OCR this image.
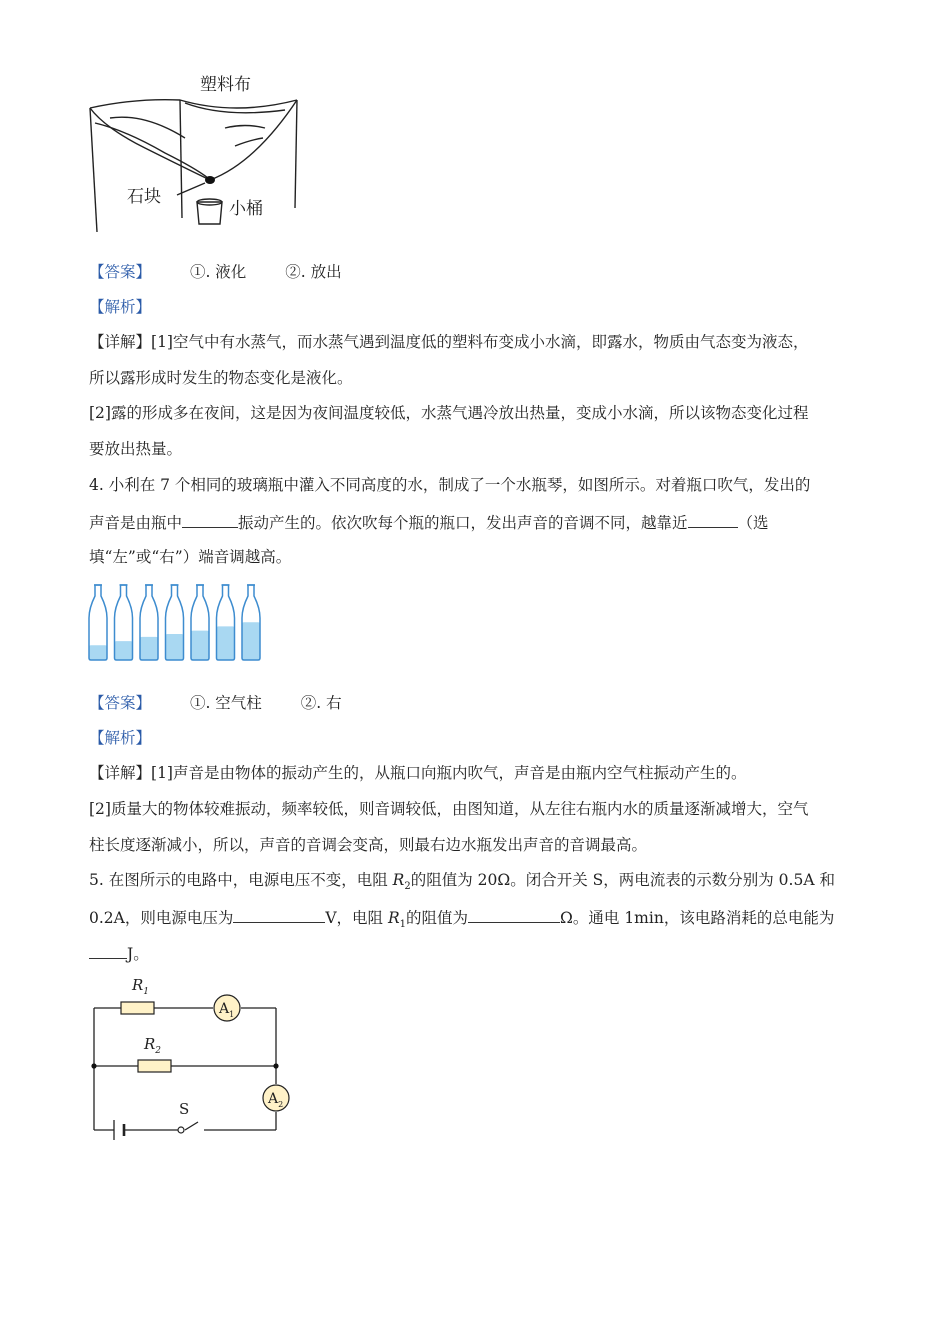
塑料布
石块
小桶
【答案】	①. 液化	②. 放出
【解析】
【详解】[1]空气中有水蒸气，而水蒸气遇到温度低的塑料布变成小水滴，即露水，物质由气态变为液态，
所以露形成时发生的物态变化是液化。
[2]露的形成多在夜间，这是因为夜间温度较低，水蒸气遇冷放出热量，变成小水滴，所以该物态变化过程
要放出热量。
4. 小利在 7 个相同的玻璃瓶中灌入不同高度的水，制成了一个水瓶琴，如图所示。对着瓶口吹气，发出的
声音是由瓶中	振动产生的。依次吹每个瓶的瓶口，发出声音的音调不同，越靠近	（选
填“左”或“右”）端音调越高。
【答案】	①. 空气柱	②. 右
【解析】
【详解】[1]声音是由物体的振动产生的，从瓶口向瓶内吹气，声音是由瓶内空气柱振动产生的。
[2]质量大的物体较难振动，频率较低，则音调较低，由图知道，从左往右瓶内水的质量逐渐减增大，空气
柱长度逐渐减小，所以，声音的音调会变高，则最右边水瓶发出声音的音调最高。
5. 在图所示的电路中，电源电压不变，电阻 $R_2$的阻值为 20Ω。闭合开关 S，两电流表的示数分别为 0.5A 和
0.2A，则电源电压为	V，电阻 $R_1$的阻值为	Ω。通电 1min，该电路消耗的总电能为
J。
$R_1$
$R_2$
$A_1$
$A_2$
S
